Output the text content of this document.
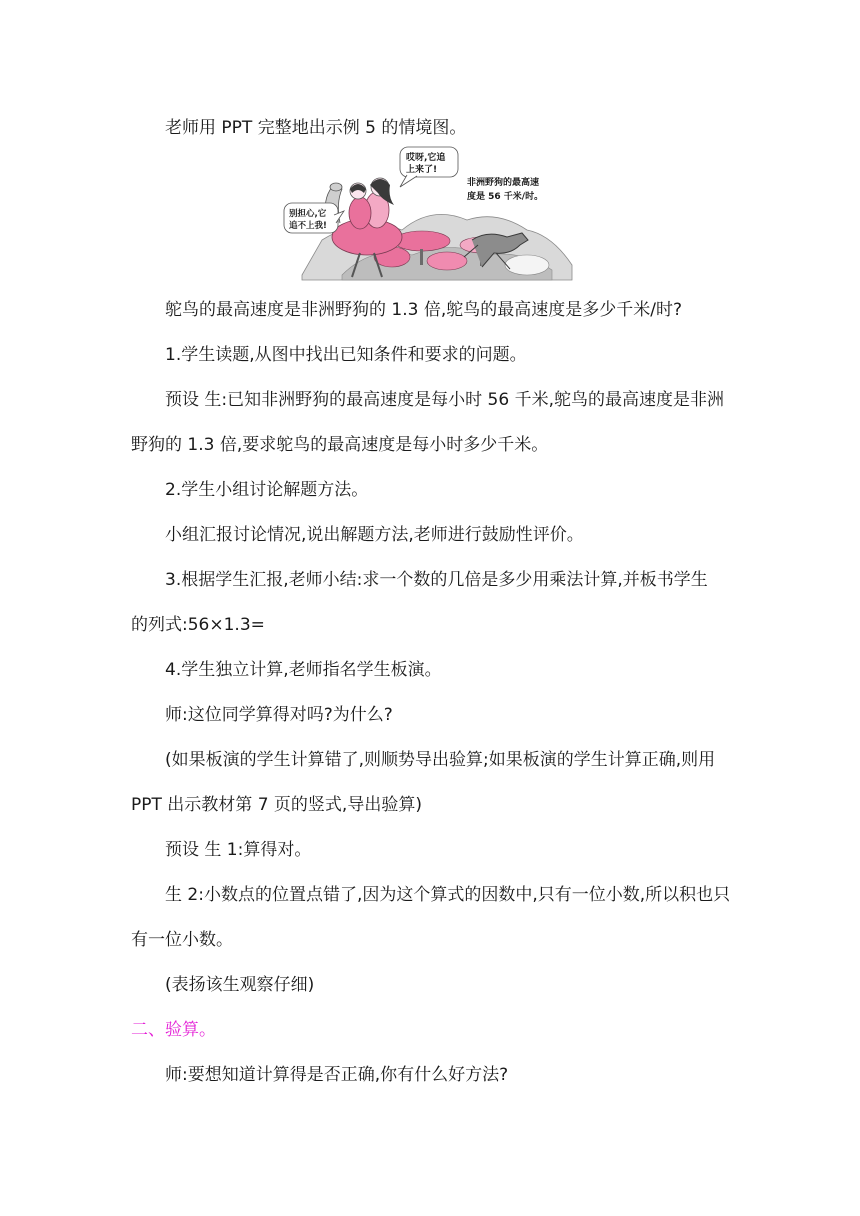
老师用 PPT 完整地出示例 5 的情境图。
哎呀,它追
上来了!
别担心,它
追不上我!
非洲野狗的最高速
度是 56 千米/时。
鸵鸟的最高速度是非洲野狗的 1.3 倍,鸵鸟的最高速度是多少千米/时?
1.学生读题,从图中找出已知条件和要求的问题。
预设 生:已知非洲野狗的最高速度是每小时 56 千米,鸵鸟的最高速度是非洲
野狗的 1.3 倍,要求鸵鸟的最高速度是每小时多少千米。
2.学生小组讨论解题方法。
小组汇报讨论情况,说出解题方法,老师进行鼓励性评价。
3.根据学生汇报,老师小结:求一个数的几倍是多少用乘法计算,并板书学生
的列式:56×1.3=
4.学生独立计算,老师指名学生板演。
师:这位同学算得对吗?为什么?
(如果板演的学生计算错了,则顺势导出验算;如果板演的学生计算正确,则用
PPT 出示教材第 7 页的竖式,导出验算)
预设 生 1:算得对。
生 2:小数点的位置点错了,因为这个算式的因数中,只有一位小数,所以积也只
有一位小数。
(表扬该生观察仔细)
二、验算。
师:要想知道计算得是否正确,你有什么好方法?
